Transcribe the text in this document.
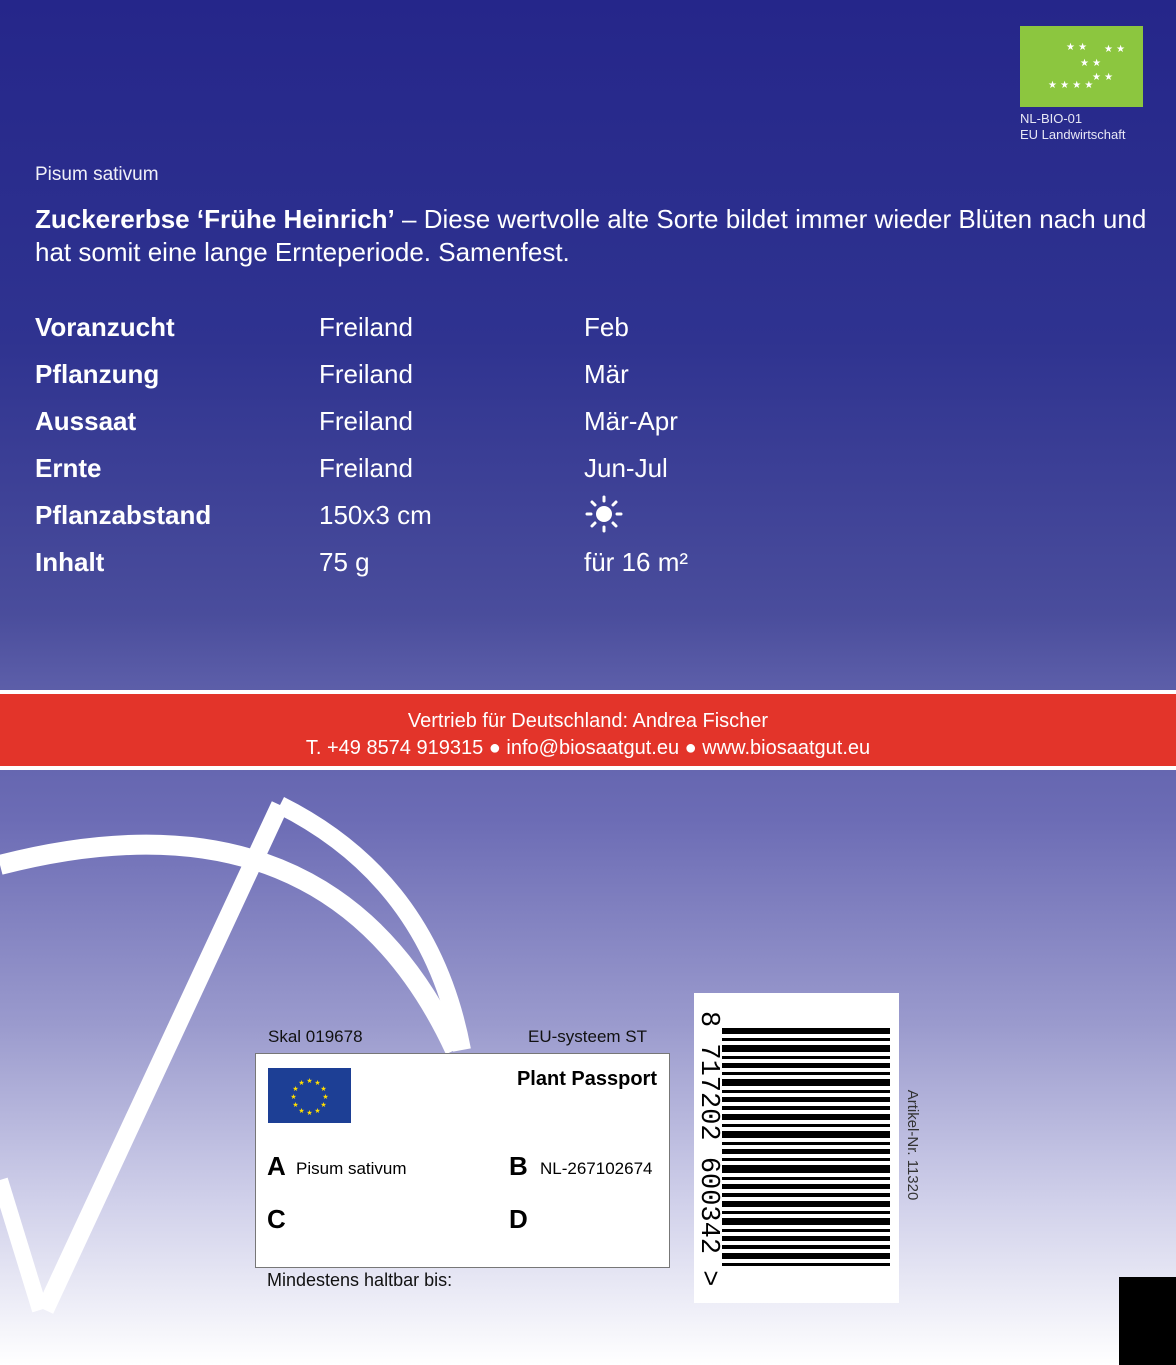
★ ★ ★ ★
★ ★
★ ★
★ ★
★ ★
NL-BIO-01
EU Landwirtschaft
Pisum sativum
Zuckererbse ‘Frühe Heinrich’ – Diese wertvolle alte Sorte bildet immer wieder Blüten nach und hat somit eine lange Ernteperiode. Samenfest.
Voranzucht	Freiland	Feb
Pflanzung	Freiland	Mär
Aussaat	Freiland	Mär-Apr
Ernte	Freiland	Jun-Jul
Pflanzabstand	150x3 cm
Inhalt	75 g	für 16 m²
Vertrieb für Deutschland: Andrea Fischer
T. +49 8574 919315 ● info@biosaatgut.eu ● www.biosaatgut.eu
Skal 019678	EU-systeem ST
★
★
★	★
★
★
★
★
★	★
★	★
Plant Passport
A Pisum sativum	B NL-267102674
C	D
Mindestens haltbar bis:	8 717202 600342 >	Artikel-Nr. 11320
